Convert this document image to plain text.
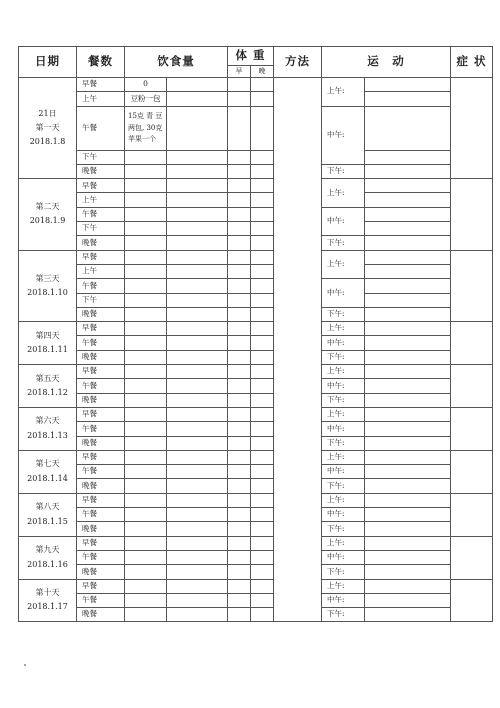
日期	餐数	饮食量		体 重		方法	运　动		症 状
				早	晚				

21日
第一天
2018.1.8	早餐	0					上午:		
	上午	豆粉一包							
	午餐	15克 青 豆
两包, 30克
苹果一个					中午:		
	下午								
	晚餐						下午:		

第二天
2018.1.9	早餐						上午:		
	上午								
	午餐						中午:		
	下午								
	晚餐						下午:		

第三天
2018.1.10	早餐						上午:		
	上午								
	午餐						中午:		
	下午								
	晚餐						下午:		

第四天
2018.1.11	早餐						上午:		
	午餐						中午:		
	晚餐						下午:		

第五天
2018.1.12	早餐						上午:		
	午餐						中午:		
	晚餐						下午:		

第六天
2018.1.13	早餐						上午:		
	午餐						中午:		
	晚餐						下午:		

第七天
2018.1.14	早餐						上午:		
	午餐						中午:		
	晚餐						下午:		

第八天
2018.1.15	早餐						上午:		
	午餐						中午:		
	晚餐						下午:		

第九天
2018.1.16	早餐						上午:		
	午餐						中午:		
	晚餐						下午:		

第十天
2018.1.17	早餐						上午:		
	午餐						中午:		
	晚餐						下午:		
